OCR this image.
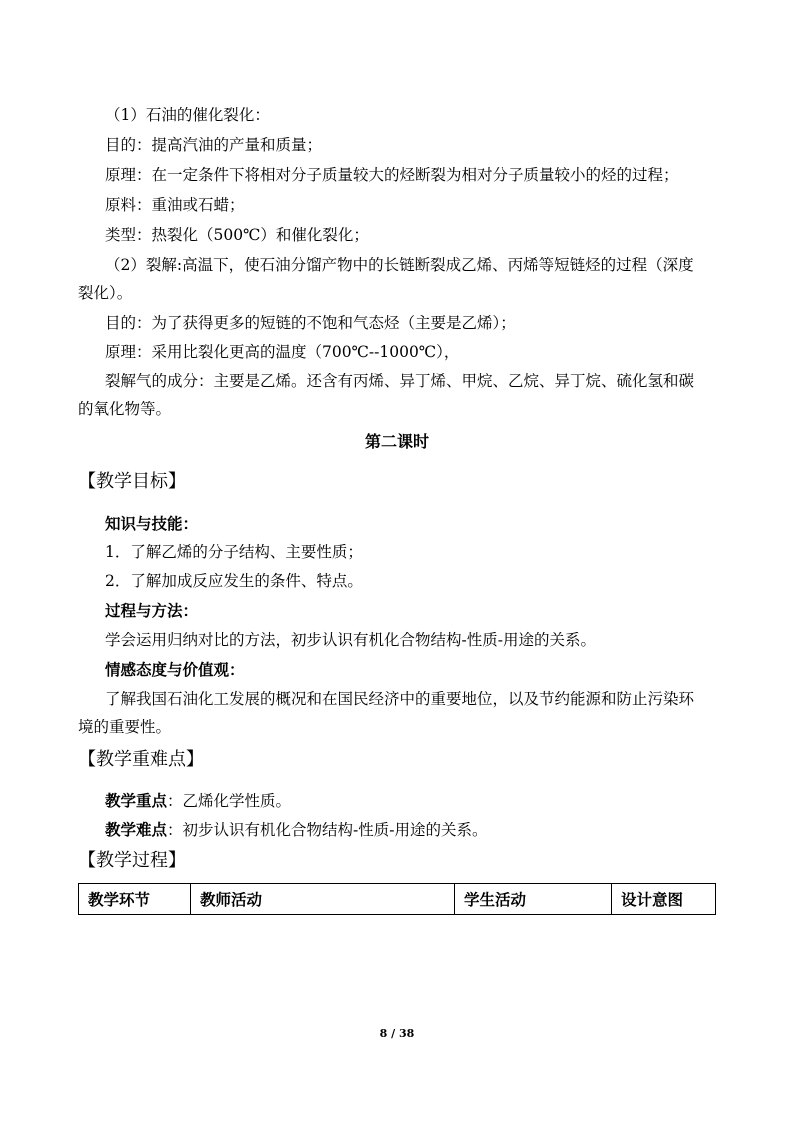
（1）石油的催化裂化：
目的：提高汽油的产量和质量；
原理：在一定条件下将相对分子质量较大的烃断裂为相对分子质量较小的烃的过程；
原料：重油或石蜡；
类型：热裂化（500℃）和催化裂化；
（2）裂解:高温下，使石油分馏产物中的长链断裂成乙烯、丙烯等短链烃的过程（深度
裂化）。
目的：为了获得更多的短链的不饱和气态烃（主要是乙烯）；
原理：采用比裂化更高的温度（700℃--1000℃），
裂解气的成分：主要是乙烯。还含有丙烯、异丁烯、甲烷、乙烷、异丁烷、硫化氢和碳
的氧化物等。
第二课时
【教学目标】
知识与技能：
1．了解乙烯的分子结构、主要性质；
2．了解加成反应发生的条件、特点。
过程与方法：
学会运用归纳对比的方法，初步认识有机化合物结构-性质-用途的关系。
情感态度与价值观：
了解我国石油化工发展的概况和在国民经济中的重要地位，以及节约能源和防止污染环
境的重要性。
【教学重难点】
教学重点：乙烯化学性质。
教学难点：初步认识有机化合物结构-性质-用途的关系。
【教学过程】
教学环节	教师活动	学生活动	设计意图
8 / 38
